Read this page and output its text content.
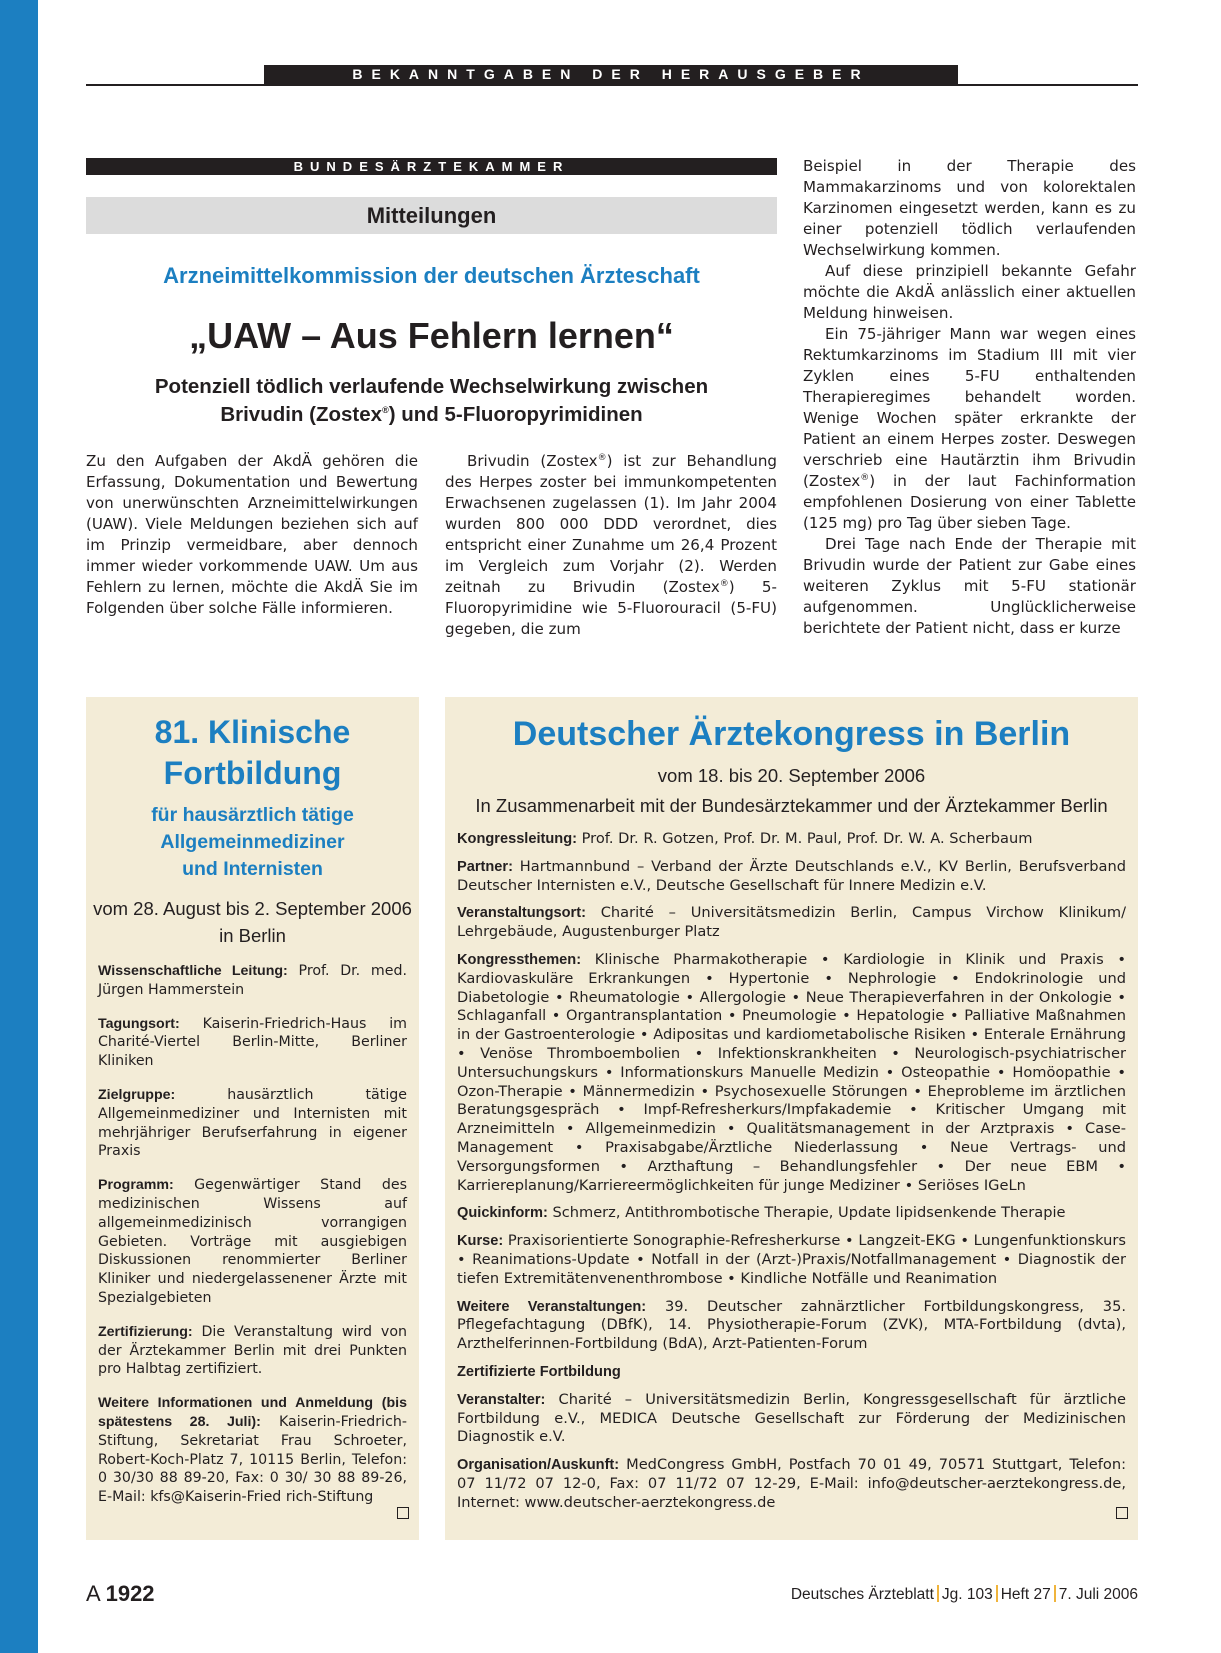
BEKANNTGABEN DER HERAUSGEBER
BUNDESÄRZTEKAMMER
Mitteilungen
Arzneimittelkommission der deutschen Ärzteschaft
„UAW – Aus Fehlern lernen“
Potenziell tödlich verlaufende Wechselwirkung zwischen
Brivudin (Zostex®) und 5-Fluoropyrimidinen

Zu den Aufgaben der AkdÄ gehören die Erfassung, Dokumentation und Bewertung von unerwünschten Arzneimittelwirkungen (UAW). Viele Meldungen beziehen sich auf im Prinzip vermeidbare, aber dennoch immer wieder vorkommende UAW. Um aus Fehlern zu lernen, möchte die AkdÄ Sie im Folgenden über solche Fälle informieren.

Brivudin (Zostex®) ist zur Behandlung des Herpes zoster bei immunkompetenten Erwachsenen zugelassen (1). Im Jahr 2004 wurden 800 000 DDD verordnet, dies entspricht einer Zunahme um 26,4 Prozent im Vergleich zum Vorjahr (2). Werden zeitnah zu Brivudin (Zostex®) 5-Fluoropyrimidine wie 5-Fluorouracil (5-FU) gegeben, die zum

Beispiel in der Therapie des Mammakarzinoms und von kolorektalen Karzinomen eingesetzt werden, kann es zu einer potenziell tödlich verlaufenden Wechselwirkung kommen.

Auf diese prinzipiell bekannte Gefahr möchte die AkdÄ anlässlich einer aktuellen Meldung hinweisen.

Ein 75-jähriger Mann war wegen eines Rektumkarzinoms im Stadium III mit vier Zyklen eines 5-FU enthaltenden Therapieregimes behandelt worden. Wenige Wochen später erkrankte der Patient an einem Herpes zoster. Deswegen verschrieb eine Hautärztin ihm Brivudin (Zostex®) in der laut Fachinformation empfohlenen Dosierung von einer Tablette (125 mg) pro Tag über sieben Tage.

Drei Tage nach Ende der Therapie mit Brivudin wurde der Patient zur Gabe eines weiteren Zyklus mit 5-FU stationär aufgenommen. Unglücklicherweise berichtete der Patient nicht, dass er kurze

81. Klinische
Fortbildung
für hausärztlich tätige
Allgemeinmediziner
und Internisten
vom 28. August bis 2. September 2006
in Berlin

Wissenschaftliche Leitung: Prof. Dr. med. Jürgen Hammerstein

Tagungsort: Kaiserin-Friedrich-Haus im Charité-Viertel Berlin-Mitte, Berliner Kliniken

Zielgruppe:	hausärztlich tätige Allgemeinmediziner und Internisten mit mehrjähriger Berufserfahrung in eigener Praxis

Programm: Gegenwärtiger Stand des medizinischen Wissens auf allgemeinmedizinisch vorrangigen Gebieten. Vorträge mit ausgiebigen Diskussionen renommierter Berliner Kliniker und niedergelassenener Ärzte mit Spezialgebieten

Zertifizierung: Die Veranstaltung wird von der Ärztekammer Berlin mit drei Punkten pro Halbtag zertifiziert.

Weitere Informationen und Anmeldung (bis spätestens 28. Juli): Kaiserin-Friedrich-Stiftung, Sekretariat Frau Schroeter, Robert-Koch-Platz 7, 10115 Berlin, Telefon: 0 30/30 88 89-20, Fax: 0 30/ 30 88 89-26, E-Mail: kfs@Kaiserin-Fried rich-Stiftung

Deutscher Ärztekongress in Berlin
vom 18. bis 20. September 2006
In Zusammenarbeit mit der Bundesärztekammer und der Ärztekammer Berlin

Kongressleitung: Prof. Dr. R. Gotzen, Prof. Dr. M. Paul, Prof. Dr. W. A. Scherbaum

Partner: Hartmannbund – Verband der Ärzte Deutschlands e.V., KV Berlin, Berufsverband Deutscher Internisten e.V., Deutsche Gesellschaft für Innere Medizin e.V.

Veranstaltungsort: Charité – Universitätsmedizin Berlin, Campus Virchow Klinikum/ Lehrgebäude, Augustenburger Platz

Kongressthemen: Klinische Pharmakotherapie • Kardiologie in Klinik und Praxis • Kardiovaskuläre Erkrankungen • Hypertonie • Nephrologie • Endokrinologie und Diabetologie • Rheumatologie • Allergologie • Neue Therapieverfahren in der Onkologie • Schlaganfall • Organtransplantation • Pneumologie • Hepatologie • Palliative Maßnahmen in der Gastroenterologie • Adipositas und kardiometabolische Risiken • Enterale Ernährung • Venöse Thromboembolien • Infektionskrankheiten • Neurologisch-psychiatrischer Untersuchungskurs • Informationskurs Manuelle Medizin • Osteopathie • Homöopathie • Ozon-Therapie • Männermedizin • Psychosexuelle Störungen • Eheprobleme im ärztlichen Beratungsgespräch • Impf-Refresherkurs/Impfakademie • Kritischer Umgang mit Arzneimitteln • Allgemeinmedizin • Qualitätsmanagement in der Arztpraxis • Case-Management • Praxisabgabe/Ärztliche Niederlassung • Neue Vertrags- und Versorgungsformen • Arzthaftung – Behandlungsfehler • Der neue EBM • Karriereplanung/Karriereermöglichkeiten für junge Mediziner • Seriöses IGeLn

Quickinform: Schmerz, Antithrombotische Therapie, Update lipidsenkende Therapie

Kurse: Praxisorientierte Sonographie-Refresherkurse • Langzeit-EKG • Lungenfunktionskurs • Reanimations-Update • Notfall in der (Arzt-)Praxis/Notfallmanagement • Diagnostik der tiefen Extremitätenvenenthrombose • Kindliche Notfälle und Reanimation

Weitere Veranstaltungen: 39. Deutscher zahnärztlicher Fortbildungskongress, 35. Pflegefachtagung (DBfK), 14. Physiotherapie-Forum (ZVK), MTA-Fortbildung (dvta), Arzthelferinnen-Fortbildung (BdA), Arzt-Patienten-Forum

Zertifizierte Fortbildung

Veranstalter: Charité – Universitätsmedizin Berlin, Kongressgesellschaft für ärztliche Fortbildung e.V., MEDICA Deutsche Gesellschaft zur Förderung der Medizinischen Diagnostik e.V.

Organisation/Auskunft: MedCongress GmbH, Postfach 70 01 49, 70571 Stuttgart, Telefon: 07 11/72 07 12-0, Fax: 07 11/72 07 12-29, E-Mail: info@deutscher-aerztekongress.de, Internet: www.deutscher-aerztekongress.de

A 1922	Deutsches Ärzteblatt Jg. 103 Heft 27 7. Juli 2006
